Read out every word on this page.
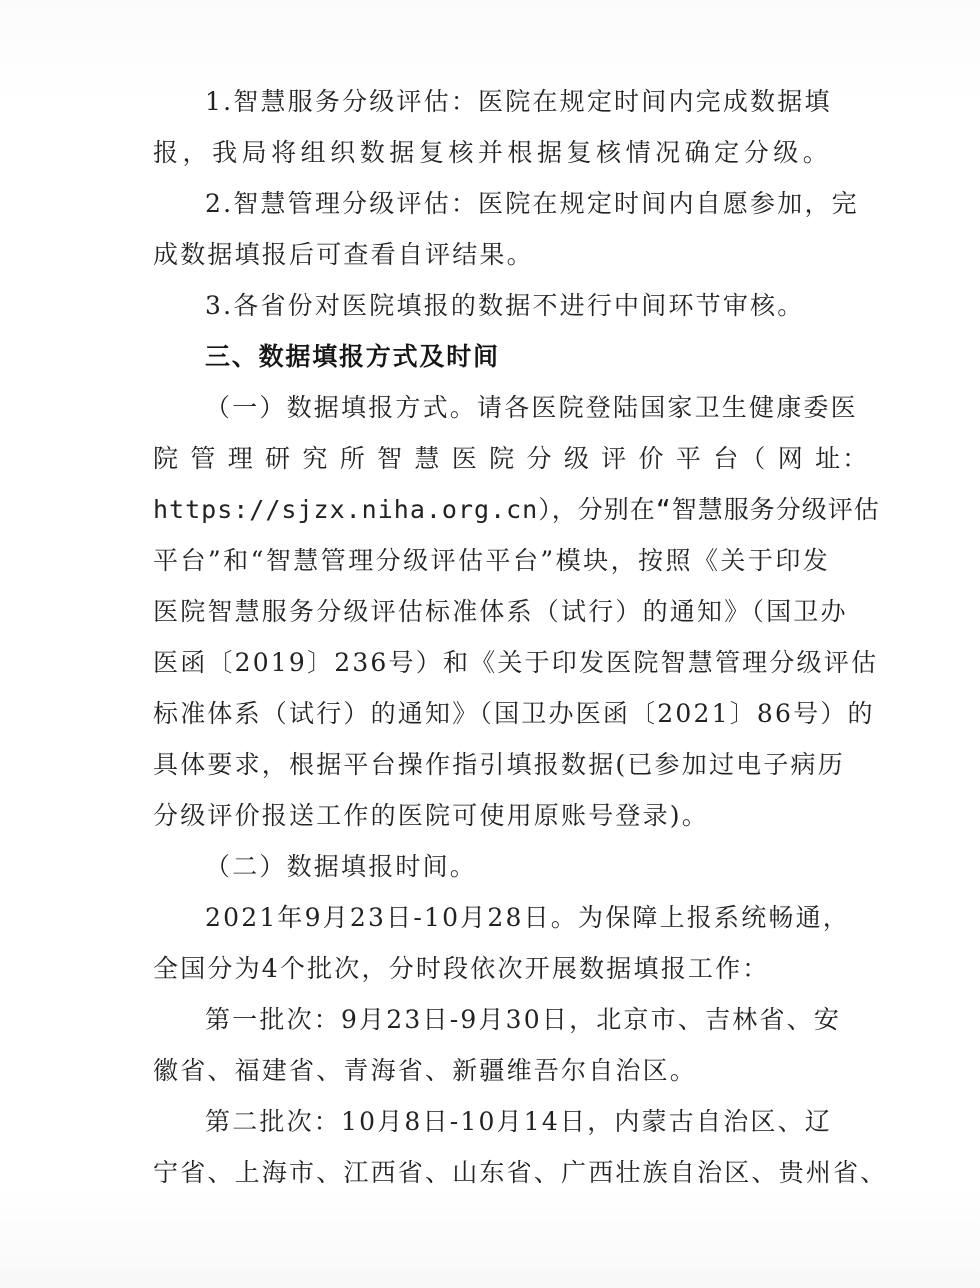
1.智慧服务分级评估：医院在规定时间内完成数据填
报，我局将组织数据复核并根据复核情况确定分级。
2.智慧管理分级评估：医院在规定时间内自愿参加，完
成数据填报后可查看自评结果。
3.各省份对医院填报的数据不进行中间环节审核。
三、数据填报方式及时间
（一）数据填报方式。请各医院登陆国家卫生健康委医
院 管 理 研 究 所 智 慧 医 院 分 级 评 价 平 台（ 网 址：
https://sjzx.niha.org.cn），分别在“智慧服务分级评估
平台”和“智慧管理分级评估平台”模块，按照《关于印发
医院智慧服务分级评估标准体系（试行）的通知》（国卫办
医函〔2019〕236号）和《关于印发医院智慧管理分级评估
标准体系（试行）的通知》（国卫办医函〔2021〕86号）的
具体要求，根据平台操作指引填报数据(已参加过电子病历
分级评价报送工作的医院可使用原账号登录)。
（二）数据填报时间。
2021年9月23日-10月28日。为保障上报系统畅通，
全国分为4个批次，分时段依次开展数据填报工作：
第一批次：9月23日-9月30日，北京市、吉林省、安
徽省、福建省、青海省、新疆维吾尔自治区。
第二批次：10月8日-10月14日，内蒙古自治区、辽
宁省、上海市、江西省、山东省、广西壮族自治区、贵州省、
